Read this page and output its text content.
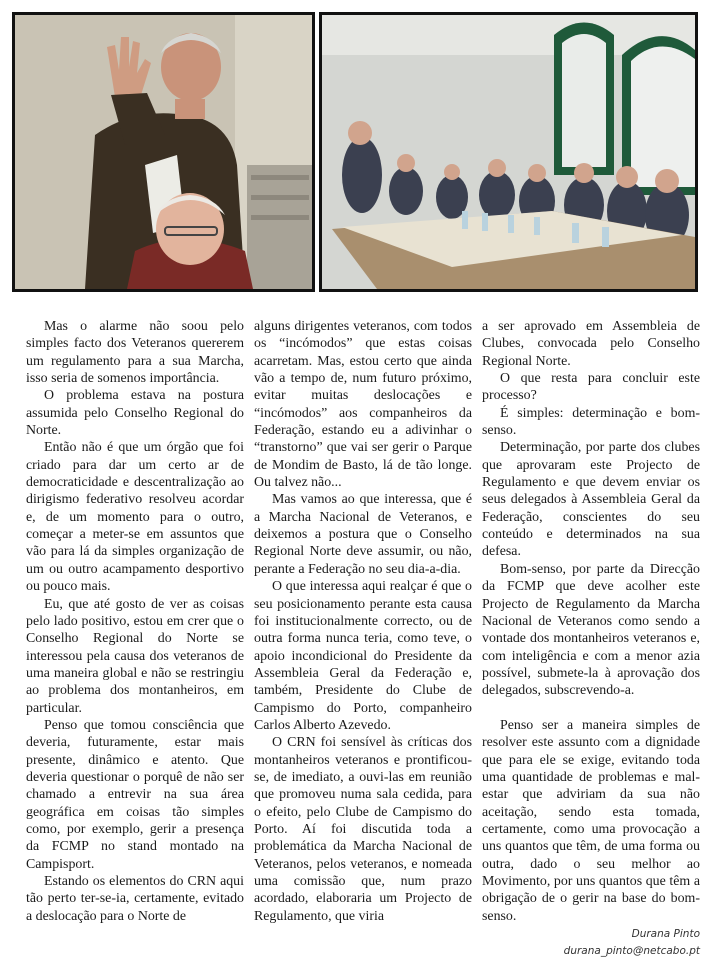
Mas o alarme não soou pelo simples facto dos Veteranos quererem um regulamento para a sua Marcha, isso seria de somenos importância.

O problema estava na postura assumida pelo Conselho Regional do Norte.

Então não é que um órgão que foi criado para dar um certo ar de democraticidade e descentralização ao dirigismo federativo resolveu acordar e, de um momento para o outro, começar a meter-se em assuntos que vão para lá da simples organização de um ou outro acampamento desportivo ou pouco mais.

Eu, que até gosto de ver as coisas pelo lado positivo, estou em crer que o Conselho Regional do Norte se interessou pela causa dos veteranos de uma maneira global e não se restringiu ao problema dos montanheiros, em particular.

Penso que tomou consciência que deveria, futuramente, estar mais presente, dinâmico e atento. Que deveria questionar o porquê de não ser chamado a entrevir na sua área geográfica em coisas tão simples como, por exemplo, gerir a presença da FCMP no stand montado na Campisport.

Estando os elementos do CRN aqui tão perto ter-se-ia, certamente, evitado a deslocação para o Norte de

alguns dirigentes veteranos, com todos os “incómodos” que estas coisas acarretam. Mas, estou certo que ainda vão a tempo de, num futuro próximo, evitar muitas deslocações e “incómodos” aos companheiros da Federação, estando eu a adivinhar o “transtorno” que vai ser gerir o Parque de Mondim de Basto, lá de tão longe. Ou talvez não...

Mas vamos ao que interessa, que é a Marcha Nacional de Veteranos, e deixemos a postura que o Conselho Regional Norte deve assumir, ou não, perante a Federação no seu dia-a-dia.

O que interessa aqui realçar é que o seu posicionamento perante esta causa foi institucionalmente correcto, ou de outra forma nunca teria, como teve, o apoio incondicional do Presidente da Assembleia Geral da Federação e, também, Presidente do Clube de Campismo do Porto, companheiro Carlos Alberto Azevedo.

O CRN foi sensível às críticas dos montanheiros veteranos e prontificou-se, de imediato, a ouvi-las em reunião que promoveu numa sala cedida, para o efeito, pelo Clube de Campismo do Porto. Aí foi discutida toda a problemática da Marcha Nacional de Veteranos, pelos veteranos, e nomeada uma comissão que, num prazo acordado, elaboraria um Projecto de Regulamento, que viria

a ser aprovado em Assembleia de Clubes, convocada pelo Conselho Regional Norte.

O que resta para concluir este processo?

É simples: determinação e bom-senso.

Determinação, por parte dos clubes que aprovaram este Projecto de Regulamento e que devem enviar os seus delegados à Assembleia Geral da Federação, conscientes do seu conteúdo e determinados na sua defesa.

Bom-senso, por parte da Direcção da FCMP que deve acolher este Projecto de Regulamento da Marcha Nacional de Veteranos como sendo a vontade dos montanheiros veteranos e, com inteligência e com a menor azia possível, submete-la à aprovação dos delegados, subscrevendo-a.

Penso ser a maneira simples de resolver este assunto com a dignidade que para ele se exige, evitando toda uma quantidade de problemas e mal-estar que adviriam da sua não aceitação, sendo esta tomada, certamente, como uma provocação a uns quantos que têm, de uma forma ou outra, dado o seu melhor ao Movimento, por uns quantos que têm a obrigação de o gerir na base do bom-senso.

Durana Pinto
durana_pinto@netcabo.pt
